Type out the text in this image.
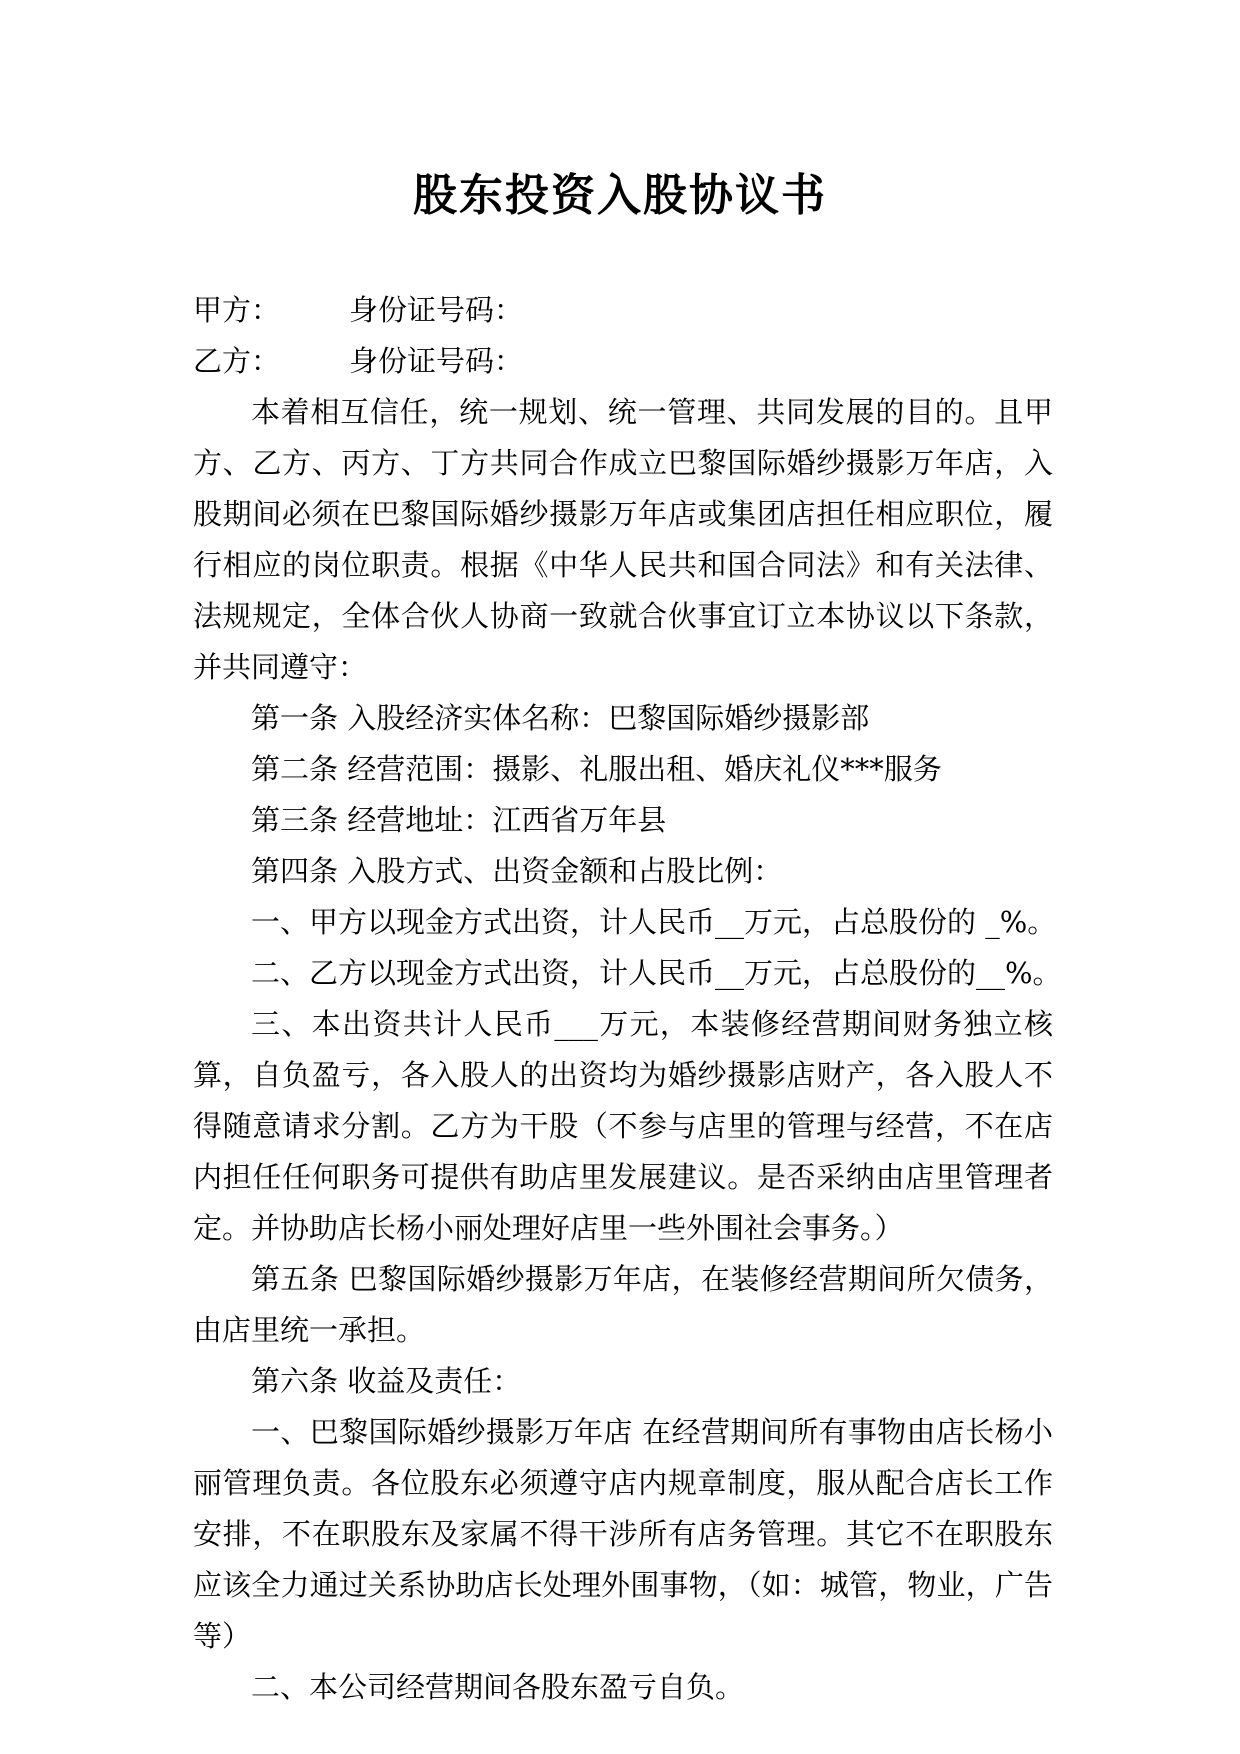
股东投资入股协议书
甲方：	身份证号码：
乙方：	身份证号码：

本着相互信任，统一规划、统一管理、共同发展的目的。且甲方、乙方、丙方、丁方共同合作成立巴黎国际婚纱摄影万年店，入股期间必须在巴黎国际婚纱摄影万年店或集团店担任相应职位，履行相应的岗位职责。根据《中华人民共和国合同法》和有关法律、法规规定，全体合伙人协商一致就合伙事宜订立本协议以下条款，并共同遵守：

第一条 入股经济实体名称：巴黎国际婚纱摄影部
第二条 经营范围：摄影、礼服出租、婚庆礼仪***服务
第三条 经营地址：江西省万年县
第四条 入股方式、出资金额和占股比例：
一、甲方以现金方式出资，计人民币__万元，占总股份的 _%。
二、乙方以现金方式出资，计人民币__万元，占总股份的__%。

三、本出资共计人民币___万元，本装修经营期间财务独立核算，自负盈亏，各入股人的出资均为婚纱摄影店财产，各入股人不得随意请求分割。乙方为干股（不参与店里的管理与经营，不在店内担任任何职务可提供有助店里发展建议。是否采纳由店里管理者定。并协助店长杨小丽处理好店里一些外围社会事务。）

第五条 巴黎国际婚纱摄影万年店，在装修经营期间所欠债务，由店里统一承担。

第六条 收益及责任：

一、巴黎国际婚纱摄影万年店 在经营期间所有事物由店长杨小丽管理负责。各位股东必须遵守店内规章制度，服从配合店长工作安排，不在职股东及家属不得干涉所有店务管理。其它不在职股东应该全力通过关系协助店长处理外围事物，（如：城管，物业，广告等）

二、本公司经营期间各股东盈亏自负。
